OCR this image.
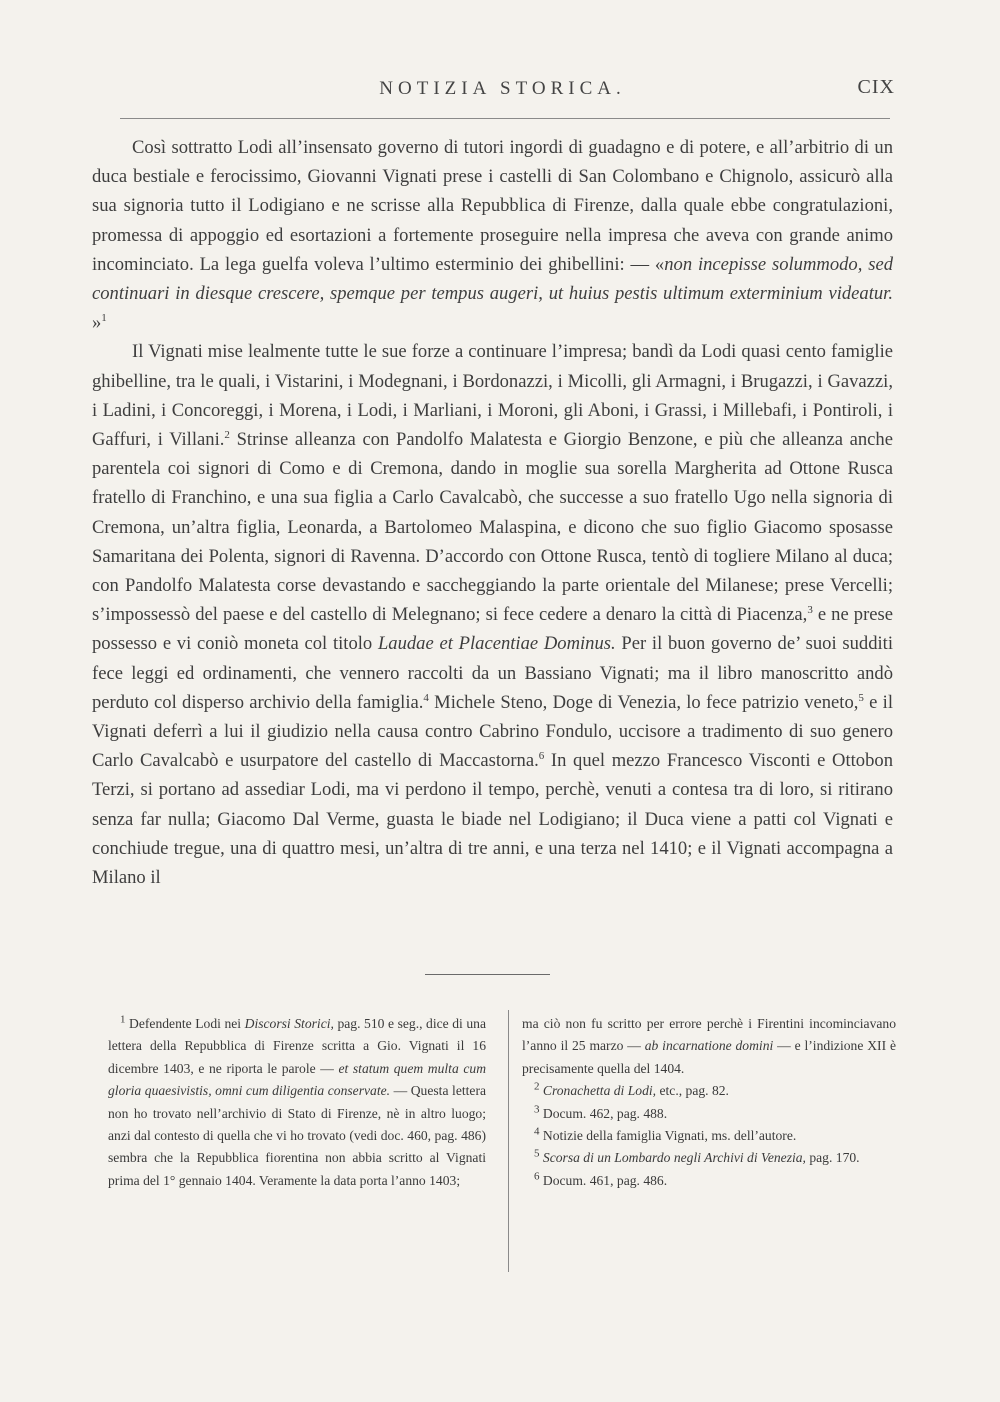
NOTIZIA STORICA.	CIX

Così sottratto Lodi all’insensato governo di tutori ingordi di guadagno e di potere, e all’arbitrio di un duca bestiale e ferocissimo, Giovanni Vignati prese i castelli di San Colombano e Chignolo, assicurò alla sua signoria tutto il Lodigiano e ne scrisse alla Repubblica di Firenze, dalla quale ebbe congratulazioni, promessa di appoggio ed esortazioni a fortemente proseguire nella impresa che aveva con grande animo incominciato. La lega guelfa voleva l’ultimo esterminio dei ghibellini: — «non incepisse solummodo, sed continuari in diesque crescere, spemque per tempus augeri, ut huius pestis ultimum exterminium videatur. »$^1$

Il Vignati mise lealmente tutte le sue forze a continuare l’impresa; bandì da Lodi quasi cento famiglie ghibelline, tra le quali, i Vistarini, i Modegnani, i Bordonazzi, i Micolli, gli Armagni, i Brugazzi, i Gavazzi, i Ladini, i Concoreggi, i Morena, i Lodi, i Marliani, i Moroni, gli Aboni, i Grassi, i Millebafi, i Pontiroli, i Gaffuri, i Villani.$^2$ Strinse alleanza con Pandolfo Malatesta e Giorgio Benzone, e più che alleanza anche parentela coi signori di Como e di Cremona, dando in moglie sua sorella Margherita ad Ottone Rusca fratello di Franchino, e una sua figlia a Carlo Cavalcabò, che successe a suo fratello Ugo nella signoria di Cremona, un’altra figlia, Leonarda, a Bartolomeo Malaspina, e dicono che suo figlio Giacomo sposasse Samaritana dei Polenta, signori di Ravenna. D’accordo con Ottone Rusca, tentò di togliere Milano al duca; con Pandolfo Malatesta corse devastando e saccheggiando la parte orientale del Milanese; prese Vercelli; s’impossessò del paese e del castello di Melegnano; si fece cedere a denaro la città di Piacenza,$^3$ e ne prese possesso e vi coniò moneta col titolo Laudae et Placentiae Dominus. Per il buon governo de’ suoi sudditi fece leggi ed ordinamenti, che vennero raccolti da un Bassiano Vignati; ma il libro manoscritto andò perduto col disperso archivio della famiglia.$^4$ Michele Steno, Doge di Venezia, lo fece patrizio veneto,$^5$ e il Vignati deferrì a lui il giudizio nella causa contro Cabrino Fondulo, uccisore a tradimento di suo genero Carlo Cavalcabò e usurpatore del castello di Maccastorna.$^6$ In quel mezzo Francesco Visconti e Ottobon Terzi, si portano ad assediar Lodi, ma vi perdono il tempo, perchè, venuti a contesa tra di loro, si ritirano senza far nulla; Giacomo Dal Verme, guasta le biade nel Lodigiano; il Duca viene a patti col Vignati e conchiude tregue, una di quattro mesi, un’altra di tre anni, e una terza nel 1410; e il Vignati accompagna a Milano il

$^1$ Defendente Lodi nei Discorsi Storici, pag. 510 e seg., dice di una lettera della Repubblica di Firenze scritta a Gio. Vignati il 16 dicembre 1403, e ne riporta le parole — et statum quem multa cum gloria quaesivistis, omni cum diligentia conservate. — Questa lettera non ho trovato nell’archivio di Stato di Firenze, nè in altro luogo; anzi dal contesto di quella che vi ho trovato (vedi doc. 460, pag. 486) sembra che la Repubblica fiorentina non abbia scritto al Vignati prima del 1° gennaio 1404. Veramente la data porta l’anno 1403;

ma ciò non fu scritto per errore perchè i Firentini incominciavano l’anno il 25 marzo — ab incarnatione domini — e l’indizione XII è precisamente quella del 1404.

$^2$ Cronachetta di Lodi, etc., pag. 82.

$^3$ Docum. 462, pag. 488.

$^4$ Notizie della famiglia Vignati, ms. dell’autore.

$^5$ Scorsa di un Lombardo negli Archivi di Venezia, pag. 170.

$^6$ Docum. 461, pag. 486.
